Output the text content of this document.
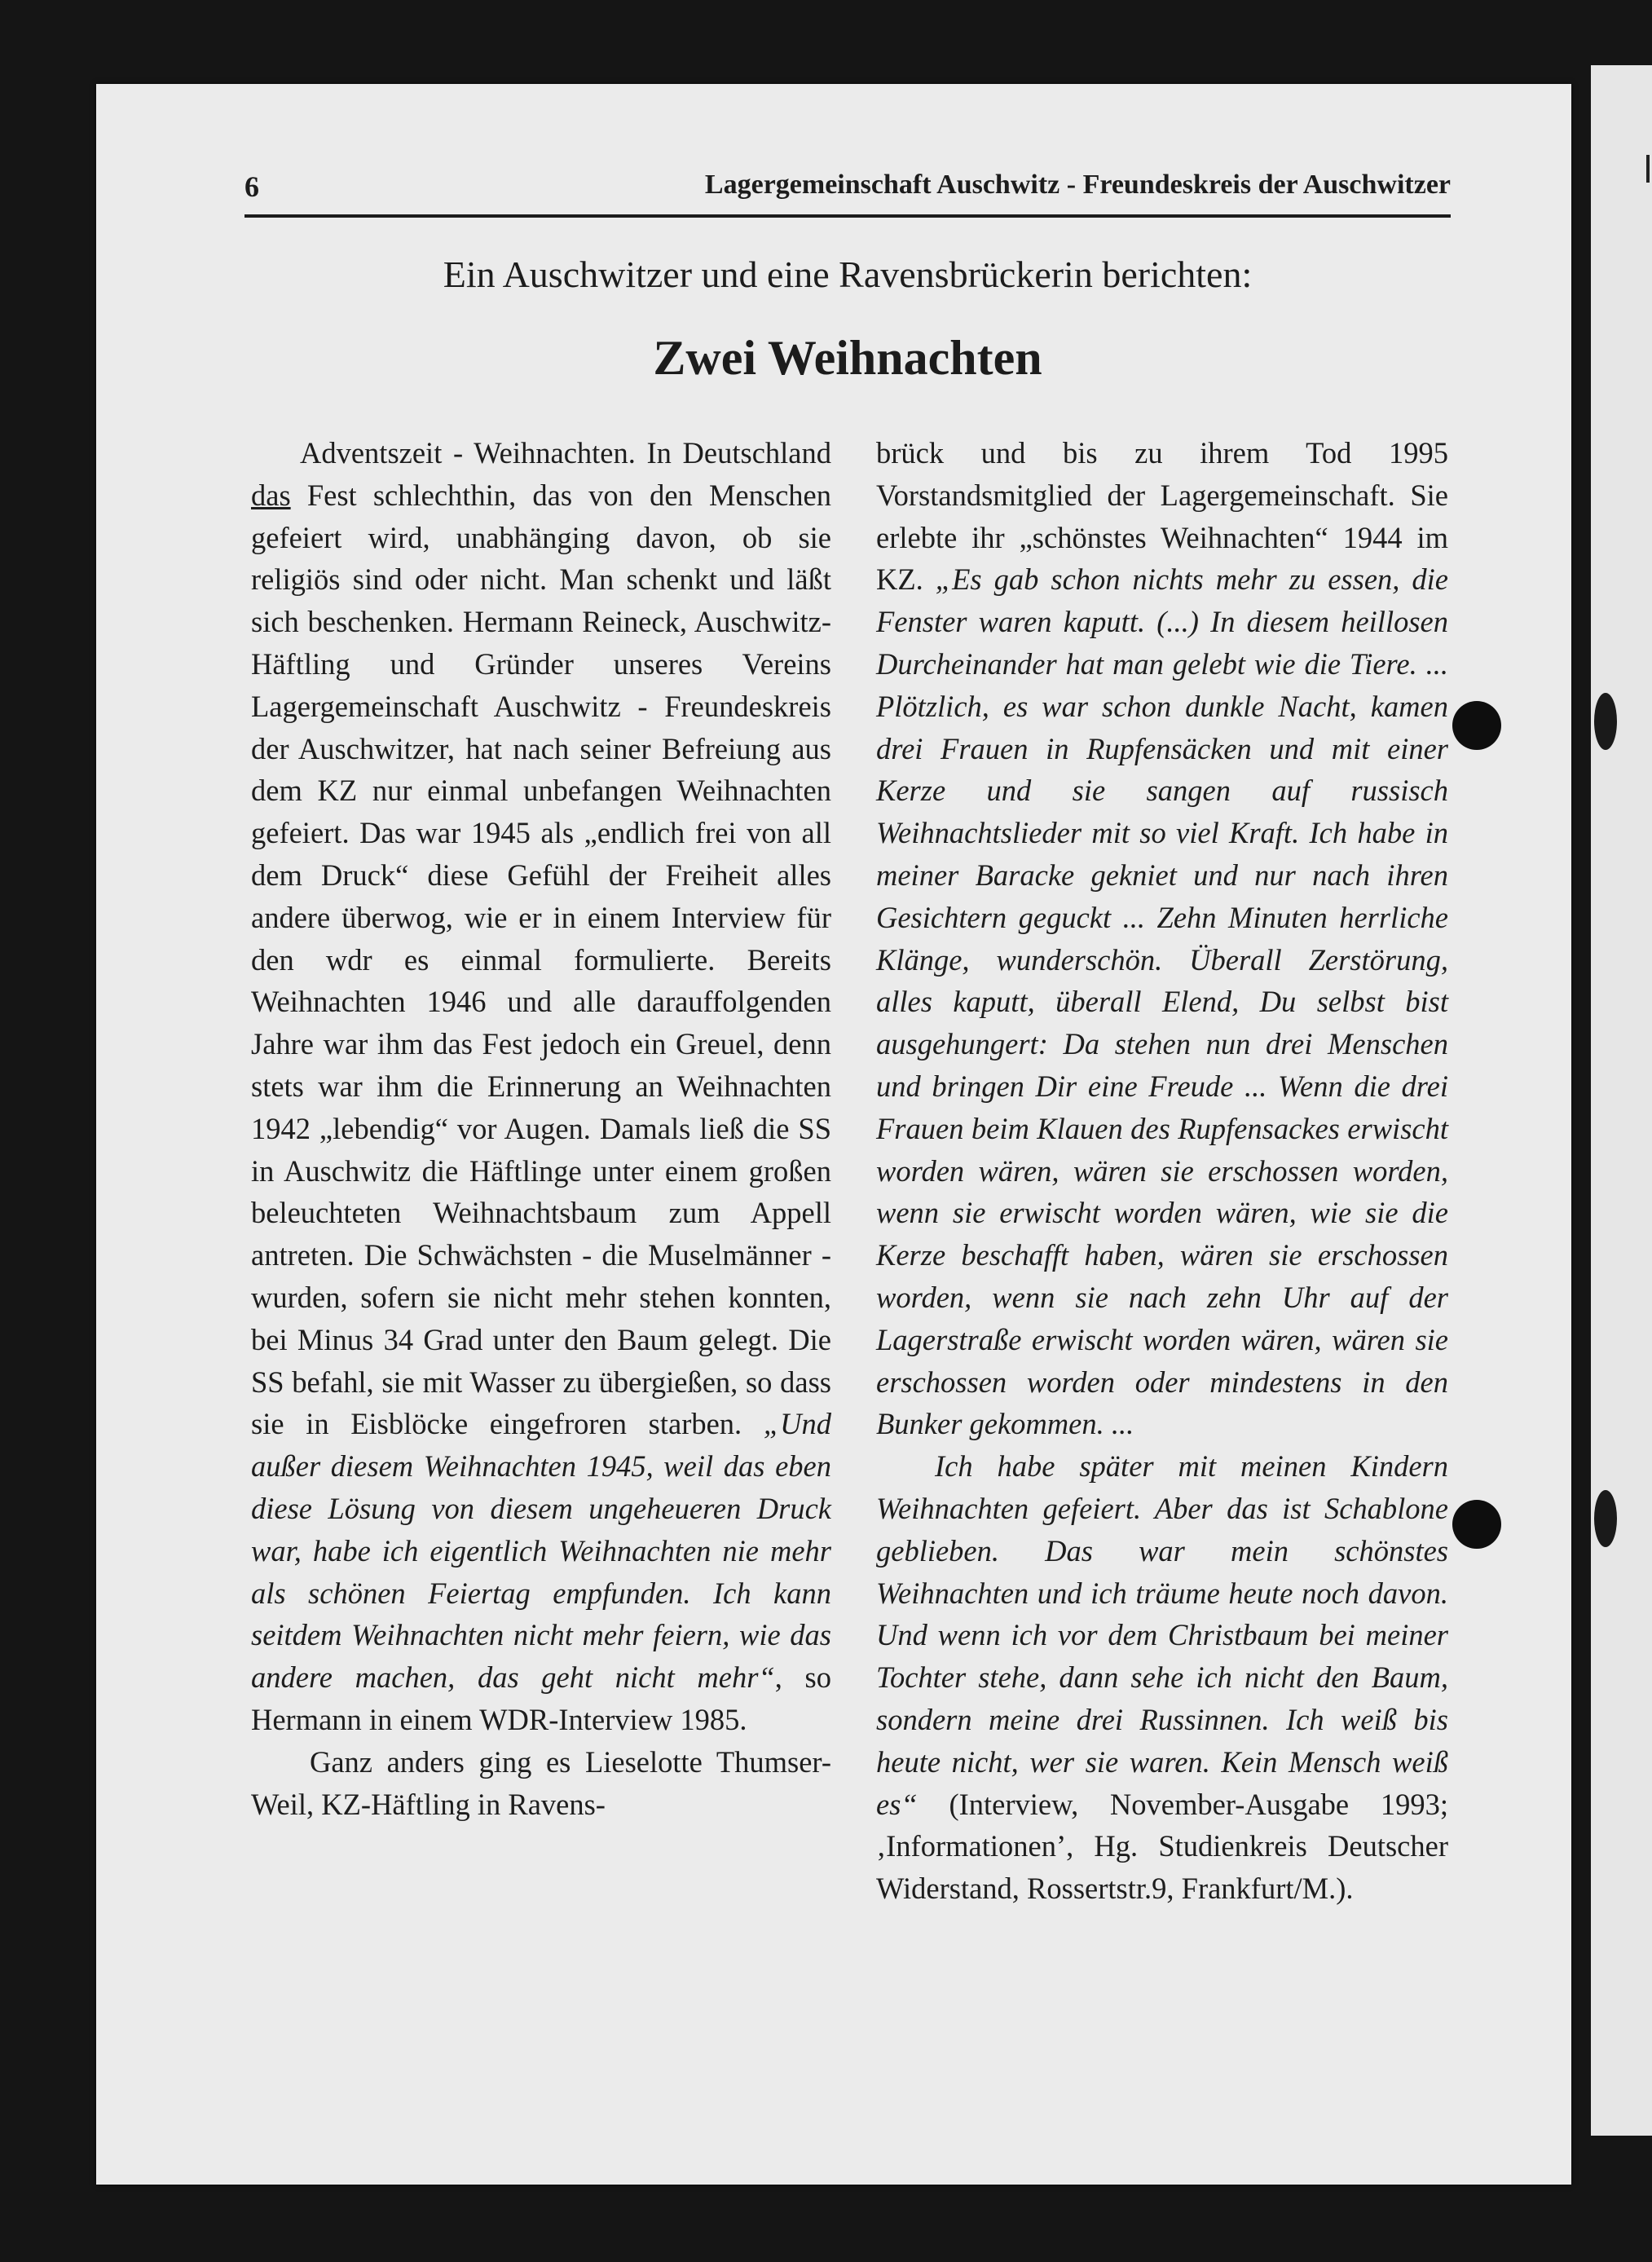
6	Lagergemeinschaft Auschwitz - Freundeskreis der Auschwitzer
Ein Auschwitzer und eine Ravensbrückerin berichten:
Zwei Weihnachten

Adventszeit - Weihnachten. In Deutschland das Fest schlechthin, das von den Menschen gefeiert wird, unabhänging davon, ob sie religiös sind oder nicht. Man schenkt und läßt sich beschenken. Hermann Reineck, Auschwitz-Häftling und Gründer unseres Vereins Lagergemeinschaft Auschwitz - Freundeskreis der Auschwitzer, hat nach seiner Befreiung aus dem KZ nur einmal unbefangen Weihnachten gefeiert. Das war 1945 als „endlich frei von all dem Druck“ diese Gefühl der Freiheit alles andere überwog, wie er in einem Interview für den wdr es einmal formulierte. Bereits Weihnachten 1946 und alle darauffolgenden Jahre war ihm das Fest jedoch ein Greuel, denn stets war ihm die Erinnerung an Weihnachten 1942 „lebendig“ vor Augen. Damals ließ die SS in Auschwitz die Häftlinge unter einem großen beleuchteten Weihnachtsbaum zum Appell antreten. Die Schwächsten - die Muselmänner - wurden, sofern sie nicht mehr stehen konnten, bei Minus 34 Grad unter den Baum gelegt. Die SS befahl, sie mit Wasser zu übergießen, so dass sie in Eisblöcke eingefroren starben. „Und außer diesem Weihnachten 1945, weil das eben diese Lösung von diesem ungeheueren Druck war, habe ich eigentlich Weihnachten nie mehr als schönen Feiertag empfunden. Ich kann seitdem Weihnachten nicht mehr feiern, wie das andere machen, das geht nicht mehr“, so Hermann in einem WDR-Interview 1985.

Ganz anders ging es Lieselotte Thumser-Weil, KZ-Häftling in Ravens-

brück und bis zu ihrem Tod 1995 Vorstandsmitglied der Lagergemeinschaft. Sie erlebte ihr „schönstes Weihnachten“ 1944 im KZ. „Es gab schon nichts mehr zu essen, die Fenster waren kaputt. (...) In diesem heillosen Durcheinander hat man gelebt wie die Tiere. ... Plötzlich, es war schon dunkle Nacht, kamen drei Frauen in Rupfensäcken und mit einer Kerze und sie sangen auf russisch Weihnachtslieder mit so viel Kraft. Ich habe in meiner Baracke gekniet und nur nach ihren Gesichtern geguckt ... Zehn Minuten herrliche Klänge, wunderschön. Überall Zerstörung, alles kaputt, überall Elend, Du selbst bist ausgehungert: Da stehen nun drei Menschen und bringen Dir eine Freude ... Wenn die drei Frauen beim Klauen des Rupfensackes erwischt worden wären, wären sie erschossen worden, wenn sie erwischt worden wären, wie sie die Kerze beschafft haben, wären sie erschossen worden, wenn sie nach zehn Uhr auf der Lagerstraße erwischt worden wären, wären sie erschossen worden oder mindestens in den Bunker gekommen. ...

Ich habe später mit meinen Kindern Weihnachten gefeiert. Aber das ist Schablone geblieben. Das war mein schönstes Weihnachten und ich träume heute noch davon. Und wenn ich vor dem Christbaum bei meiner Tochter stehe, dann sehe ich nicht den Baum, sondern meine drei Russinnen. Ich weiß bis heute nicht, wer sie waren. Kein Mensch weiß es“ (Interview, November-Ausgabe 1993; ‚Informationen’, Hg. Studienkreis Deutscher Widerstand, Rossertstr.9, Frankfurt/M.).
